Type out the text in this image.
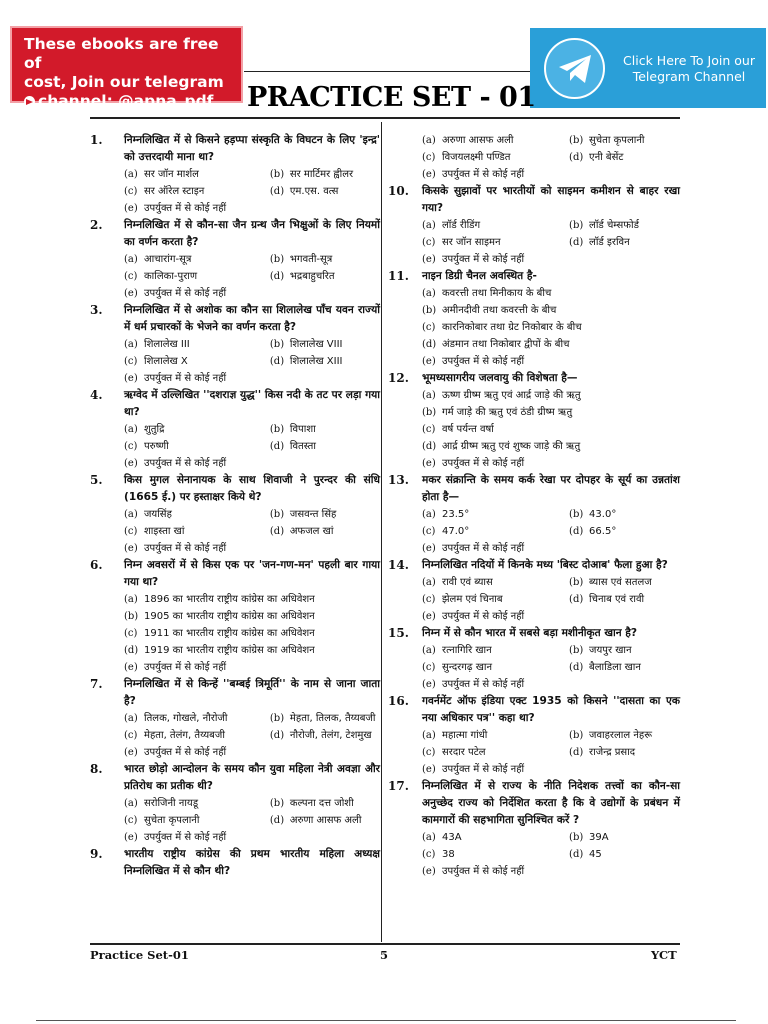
These ebooks are free of
cost, Join our telegram
channel: @apna_pdf
Click Here To Join our
Telegram Channel
PRACTICE SET - 01
1. निम्नलिखित में से किसने हड़प्पा संस्कृति के विघटन के लिए 'इन्द्र' को उत्तरदायी माना था?
(a) सर जॉन मार्शल	(b) सर मार्टिमर ह्वीलर
(c) सर ऑरेल स्टाइन	(d) एम.एस. वत्स
(e) उपर्युक्त में से कोई नहीं
2. निम्नलिखित में से कौन-सा जैन ग्रन्थ जैन भिक्षुओं के लिए नियमों का वर्णन करता है?
(a) आचारांग-सूत्र	(b) भगवती-सूत्र
(c) कालिका-पुराण	(d) भद्रबाहुचरित
(e) उपर्युक्त में से कोई नहीं
3. निम्नलिखित में से अशोक का कौन सा शिलालेख पाँच यवन राज्यों में धर्म प्रचारकों के भेजने का वर्णन करता है?
(a) शिलालेख III	(b) शिलालेख VIII
(c) शिलालेख X	(d) शिलालेख XIII
(e) उपर्युक्त में से कोई नहीं
4. ऋग्वेद में उल्लिखित ''दशराज्ञ युद्ध'' किस नदी के तट पर लड़ा गया था?
(a) शुतुद्रि	(b) विपाशा
(c) परुष्णी	(d) वितस्ता
(e) उपर्युक्त में से कोई नहीं
5. किस मुगल सेनानायक के साथ शिवाजी ने पुरन्दर की संधि (1665 ई.) पर हस्ताक्षर किये थे?
(a) जयसिंह	(b) जसवन्त सिंह
(c) शाइस्ता खां	(d) अफजल खां
(e) उपर्युक्त में से कोई नहीं
6. निम्न अवसरों में से किस एक पर 'जन-गण-मन' पहली बार गाया गया था?
(a) 1896 का भारतीय राष्ट्रीय कांग्रेस का अधिवेशन
(b) 1905 का भारतीय राष्ट्रीय कांग्रेस का अधिवेशन
(c) 1911 का भारतीय राष्ट्रीय कांग्रेस का अधिवेशन
(d) 1919 का भारतीय राष्ट्रीय कांग्रेस का अधिवेशन
(e) उपर्युक्त में से कोई नहीं
7. निम्नलिखित में से किन्हें ''बम्बई त्रिमूर्ति'' के नाम से जाना जाता है?
(a) तिलक, गोखले, नौरोजी	(b) मेहता, तिलक, तैय्यबजी
(c) मेहता, तेलंग, तैय्यबजी	(d) नौरोजी, तेलंग, टेशमुख
(e) उपर्युक्त में से कोई नहीं
8. भारत छोड़ो आन्दोलन के समय कौन युवा महिला नेत्री अवज्ञा और प्रतिरोध का प्रतीक थी?
(a) सरोजिनी नायडू	(b) कल्पना दत्त जोशी
(c) सुचेता कृपलानी	(d) अरुणा आसफ अली
(e) उपर्युक्त में से कोई नहीं
9. भारतीय राष्ट्रीय कांग्रेस की प्रथम भारतीय महिला अध्यक्ष निम्नलिखित में से कौन थी?
(a) अरुणा आसफ अली	(b) सुचेता कृपलानी
(c) विजयलक्ष्मी पण्डित	(d) एनी बेसेंट
(e) उपर्युक्त में से कोई नहीं
10. किसके सुझावों पर भारतीयों को साइमन कमीशन से बाहर रखा गया?
(a) लॉर्ड रीडिंग	(b) लॉर्ड चेम्सफोर्ड
(c) सर जॉन साइमन	(d) लॉर्ड इरविन
(e) उपर्युक्त में से कोई नहीं
11. नाइन डिग्री चैनल अवस्थित है-
(a) कवरत्ती तथा मिनीकाय के बीच
(b) अमीनदीवी तथा कवरत्ती के बीच
(c) कारनिकोबार तथा ग्रेट निकोबार के बीच
(d) अंडमान तथा निकोबार द्वीपों के बीच
(e) उपर्युक्त में से कोई नहीं
12. भूमध्यसागरीय जलवायु की विशेषता है—
(a) ऊष्ण ग्रीष्म ऋतु एवं आर्द्र जाड़े की ऋतु
(b) गर्म जाड़े की ऋतु एवं ठंडी ग्रीष्म ऋतु
(c) वर्ष पर्यन्त वर्षा
(d) आर्द्र ग्रीष्म ऋतु एवं शुष्क जाड़े की ऋतु
(e) उपर्युक्त में से कोई नहीं
13. मकर संक्रान्ति के समय कर्क रेखा पर दोपहर के सूर्य का उन्नतांश होता है—
(a) 23.5°	(b) 43.0°
(c) 47.0°	(d) 66.5°
(e) उपर्युक्त में से कोई नहीं
14. निम्नलिखित नदियों में किनके मध्य 'बिस्ट दोआब' फैला हुआ है?
(a) रावी एवं ब्यास	(b) ब्यास एवं सतलज
(c) झेलम एवं चिनाब	(d) चिनाब एवं रावी
(e) उपर्युक्त में से कोई नहीं
15. निम्न में से कौन भारत में सबसे बड़ा मशीनीकृत खान है?
(a) रत्नागिरि खान	(b) जयपुर खान
(c) सुन्दरगढ़ खान	(d) बैलाडिला खान
(e) उपर्युक्त में से कोई नहीं
16. गवर्नमेंट ऑफ इंडिया एक्ट 1935 को किसने ''दासता का एक नया अधिकार पत्र'' कहा था?
(a) महात्मा गांधी	(b) जवाहरलाल नेहरू
(c) सरदार पटेल	(d) राजेन्द्र प्रसाद
(e) उपर्युक्त में से कोई नहीं
17. निम्नलिखित में से राज्य के नीति निदेशक तत्त्वों का कौन-सा अनुच्छेद राज्य को निर्देशित करता है कि वे उद्योगों के प्रबंधन में कामगारों की सहभागिता सुनिश्चित करें ?
(a) 43A	(b) 39A
(c) 38	(d) 45
(e) उपर्युक्त में से कोई नहीं
Practice Set-01	5	YCT
